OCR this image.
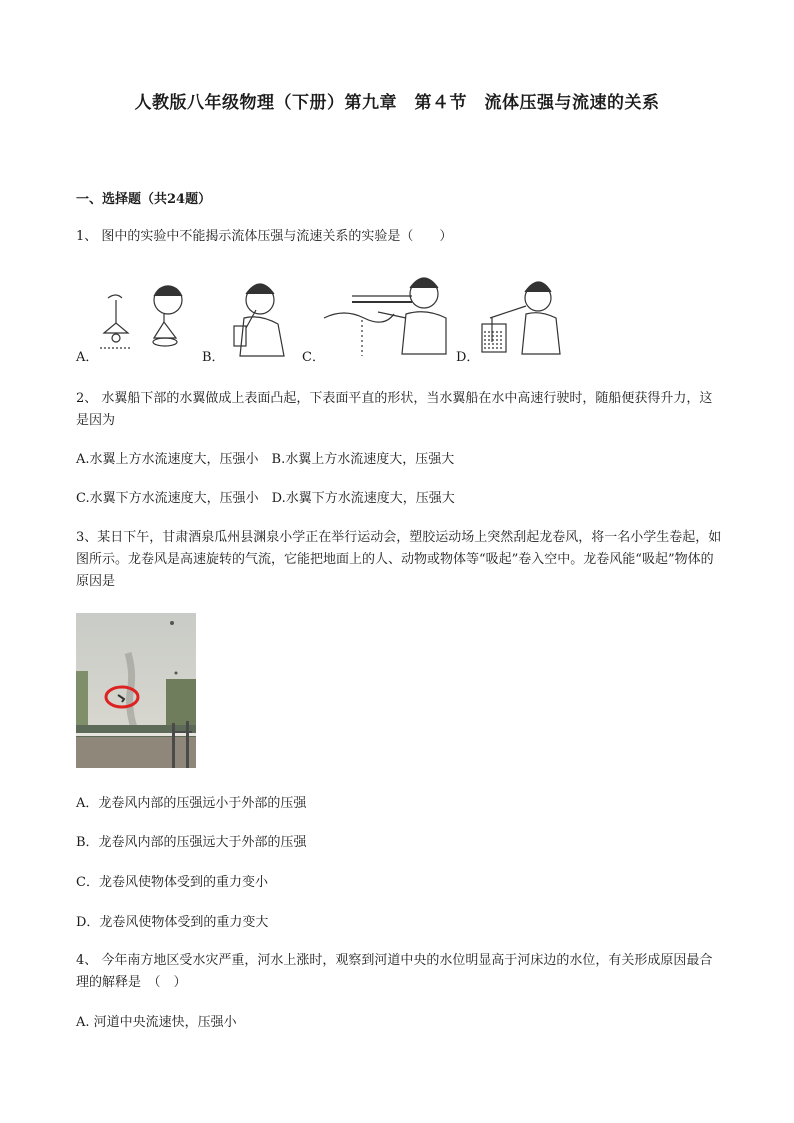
人教版八年级物理（下册）第九章　第４节　流体压强与流速的关系
一、选择题（共24题）
1、 图中的实验中不能揭示流体压强与流速关系的实验是（　　）
A．	B．	C．	D．
2、 水翼船下部的水翼做成上表面凸起，下表面平直的形状，当水翼船在水中高速行驶时，随船便获得升力，这是因为
A.水翼上方水流速度大，压强小　B.水翼上方水流速度大，压强大
C.水翼下方水流速度大，压强小　D.水翼下方水流速度大，压强大
3、某日下午，甘肃酒泉瓜州县渊泉小学正在举行运动会，塑胶运动场上突然刮起龙卷风，将一名小学生卷起，如图所示。龙卷风是高速旋转的气流，它能把地面上的人、动物或物体等“吸起”卷入空中。龙卷风能“吸起”物体的原因是
A．龙卷风内部的压强远小于外部的压强
B．龙卷风内部的压强远大于外部的压强
C．龙卷风使物体受到的重力变小
D．龙卷风使物体受到的重力变大
4、 今年南方地区受水灾严重，河水上涨时，观察到河道中央的水位明显高于河床边的水位，有关形成原因最合理的解释是　（　）
A. 河道中央流速快，压强小
